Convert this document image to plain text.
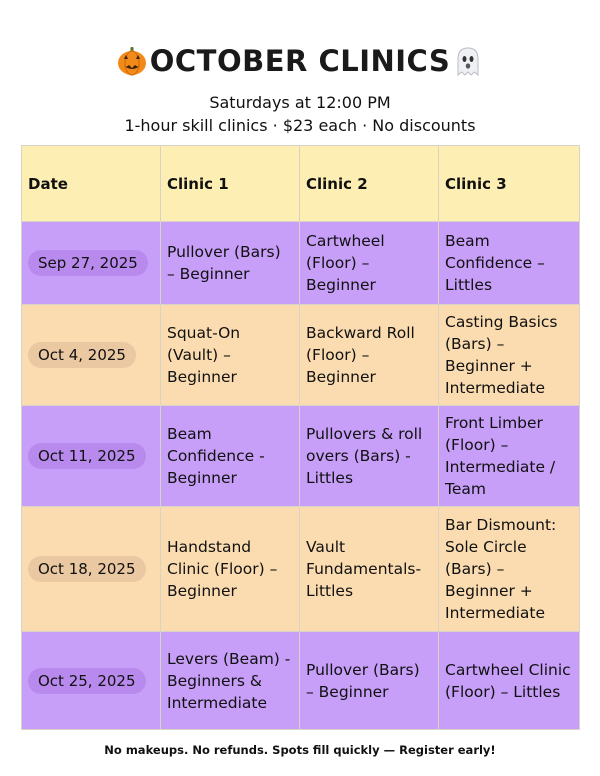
OCTOBER CLINICS
Saturdays at 12:00 PM
1-hour skill clinics · $23 each · No discounts
Date	Clinic 1	Clinic 2	Clinic 3
Sep 27, 2025	Pullover (Bars) – Beginner	Cartwheel (Floor) – Beginner	Beam Confidence – Littles
Oct 4, 2025	Squat-On (Vault) – Beginner	Backward Roll (Floor) – Beginner	Casting Basics (Bars) – Beginner + Intermediate
Oct 11, 2025	Beam Confidence - Beginner	Pullovers & roll overs (Bars) - Littles	Front Limber (Floor) – Intermediate / Team
Oct 18, 2025	Handstand Clinic (Floor) – Beginner	Vault Fundamentals- Littles	Bar Dismount: Sole Circle (Bars) – Beginner + Intermediate
Oct 25, 2025	Levers (Beam) - Beginners & Intermediate	Pullover (Bars) – Beginner	Cartwheel Clinic (Floor) – Littles
No makeups. No refunds. Spots fill quickly — Register early!
